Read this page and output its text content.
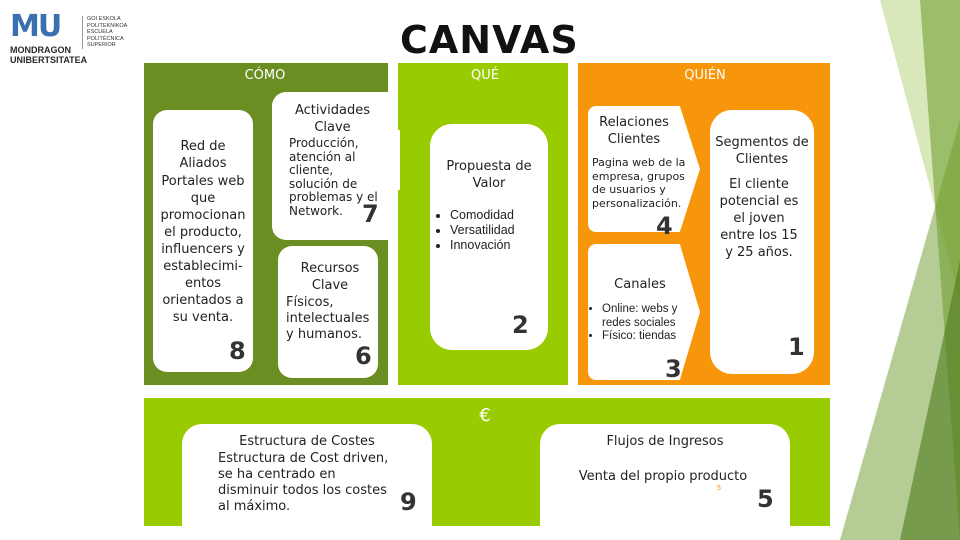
MU
MONDRAGON
UNIBERTSITATEA
GOI ESKOLA
POLITEKNIKOA
ESCUELA
POLITÉCNICA
SUPERIOR	CANVAS
CÓMO	QUÉ	QUIÉN
€
Red de Aliados
Portales web que promocionan el producto, influencers y establecimi-entos orientados a su venta.
8
Actividades Clave
Producción, atención al cliente, solución de problemas y el Network. 7
Recursos Clave
Físicos, intelectuales y humanos.
6
Propuesta de Valor
• Comodidad
• Versatilidad
• Innovación
2
Relaciones Clientes
Pagina web de la empresa, grupos de usuarios y personalización.
4
Canales
• Online: webs y redes sociales
• Físico: tiendas
3
Segmentos de Clientes
El cliente potencial es el joven entre los 15 y 25 años.
1
Estructura de Costes
Estructura de Cost driven, se ha centrado en disminuir todos los costes al máximo.	9
Flujos de Ingresos
Venta del propio producto
5 5
